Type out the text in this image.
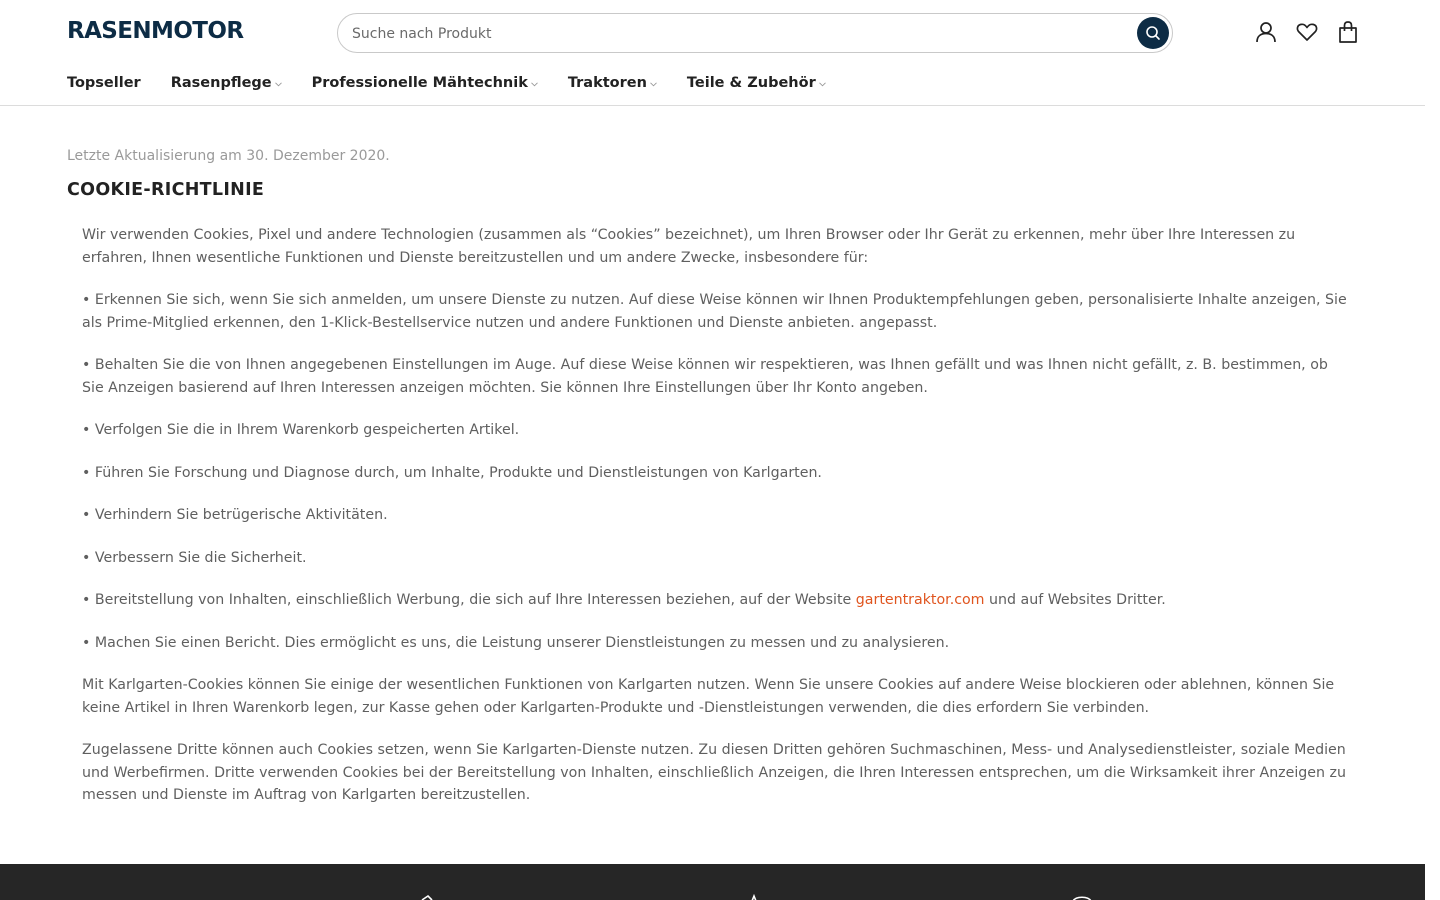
RASENMOTOR
Suche nach Produkt
Topseller Rasenpflege	Professionelle Mähtechnik	Traktoren	Teile & Zubehör
Letzte Aktualisierung am 30. Dezember 2020.
COOKIE-RICHTLINIE

Wir verwenden Cookies, Pixel und andere Technologien (zusammen als “Cookies” bezeichnet), um Ihren Browser oder Ihr Gerät zu erkennen, mehr über Ihre Interessen zu erfahren, Ihnen wesentliche Funktionen und Dienste bereitzustellen und um andere Zwecke, insbesondere für:

• Erkennen Sie sich, wenn Sie sich anmelden, um unsere Dienste zu nutzen. Auf diese Weise können wir Ihnen Produktempfehlungen geben, personalisierte Inhalte anzeigen, Sie als Prime-Mitglied erkennen, den 1-Klick-Bestellservice nutzen und andere Funktionen und Dienste anbieten. angepasst.

• Behalten Sie die von Ihnen angegebenen Einstellungen im Auge. Auf diese Weise können wir respektieren, was Ihnen gefällt und was Ihnen nicht gefällt, z. B. bestimmen, ob Sie Anzeigen basierend auf Ihren Interessen anzeigen möchten. Sie können Ihre Einstellungen über Ihr Konto angeben.

• Verfolgen Sie die in Ihrem Warenkorb gespeicherten Artikel.

• Führen Sie Forschung und Diagnose durch, um Inhalte, Produkte und Dienstleistungen von Karlgarten.

• Verhindern Sie betrügerische Aktivitäten.

• Verbessern Sie die Sicherheit.

• Bereitstellung von Inhalten, einschließlich Werbung, die sich auf Ihre Interessen beziehen, auf der Website gartentraktor.com und auf Websites Dritter.

• Machen Sie einen Bericht. Dies ermöglicht es uns, die Leistung unserer Dienstleistungen zu messen und zu analysieren.

Mit Karlgarten-Cookies können Sie einige der wesentlichen Funktionen von Karlgarten nutzen. Wenn Sie unsere Cookies auf andere Weise blockieren oder ablehnen, können Sie keine Artikel in Ihren Warenkorb legen, zur Kasse gehen oder Karlgarten-Produkte und -Dienstleistungen verwenden, die dies erfordern Sie verbinden.

Zugelassene Dritte können auch Cookies setzen, wenn Sie Karlgarten-Dienste nutzen. Zu diesen Dritten gehören Suchmaschinen, Mess- und Analysedienstleister, soziale Medien und Werbefirmen. Dritte verwenden Cookies bei der Bereitstellung von Inhalten, einschließlich Anzeigen, die Ihren Interessen entsprechen, um die Wirksamkeit ihrer Anzeigen zu messen und Dienste im Auftrag von Karlgarten bereitzustellen.
